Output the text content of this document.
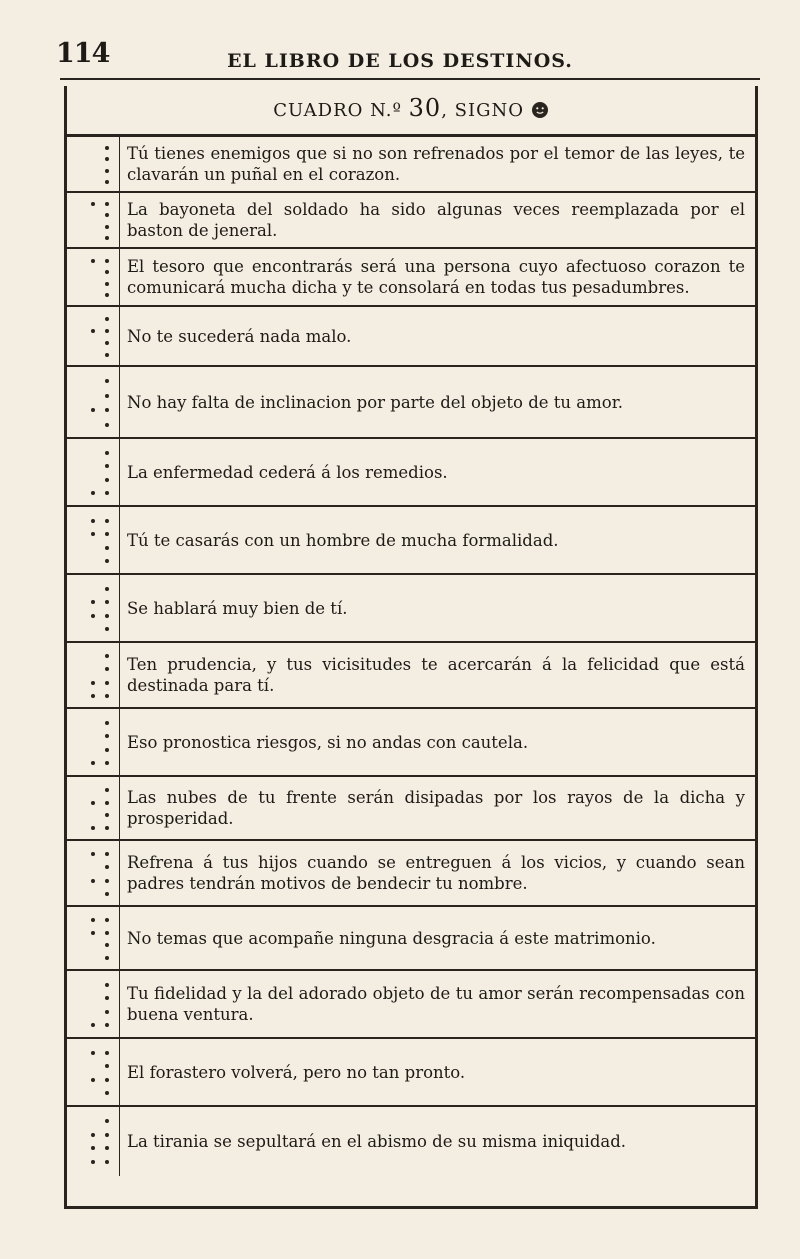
114	EL LIBRO DE LOS DESTINOS.
CUADRO N.º 30, SIGNO
Tú tienes enemigos que si no son refrenados por el temor de las leyes, te clavarán un puñal en el corazon.
La bayoneta del soldado ha sido algunas veces reemplazada por el baston de jeneral.
El tesoro que encontrarás será una persona cuyo afectuoso corazon te comunicará mucha dicha y te consolará en todas tus pesadumbres.
No te sucederá nada malo.
No hay falta de inclinacion por parte del objeto de tu amor.
La enfermedad cederá á los remedios.
Tú te casarás con un hombre de mucha formalidad.
Se hablará muy bien de tí.
Ten prudencia, y tus vicisitudes te acercarán á la felicidad que está destinada para tí.
Eso pronostica riesgos, si no andas con cautela.
Las nubes de tu frente serán disipadas por los rayos de la dicha y prosperidad.
Refrena á tus hijos cuando se entreguen á los vicios, y cuando sean padres tendrán motivos de bendecir tu nombre.
No temas que acompañe ninguna desgracia á este matrimonio.
Tu fidelidad y la del adorado objeto de tu amor serán recompensadas con buena ventura.
El forastero volverá, pero no tan pronto.
La tirania se sepultará en el abismo de su misma iniquidad.
